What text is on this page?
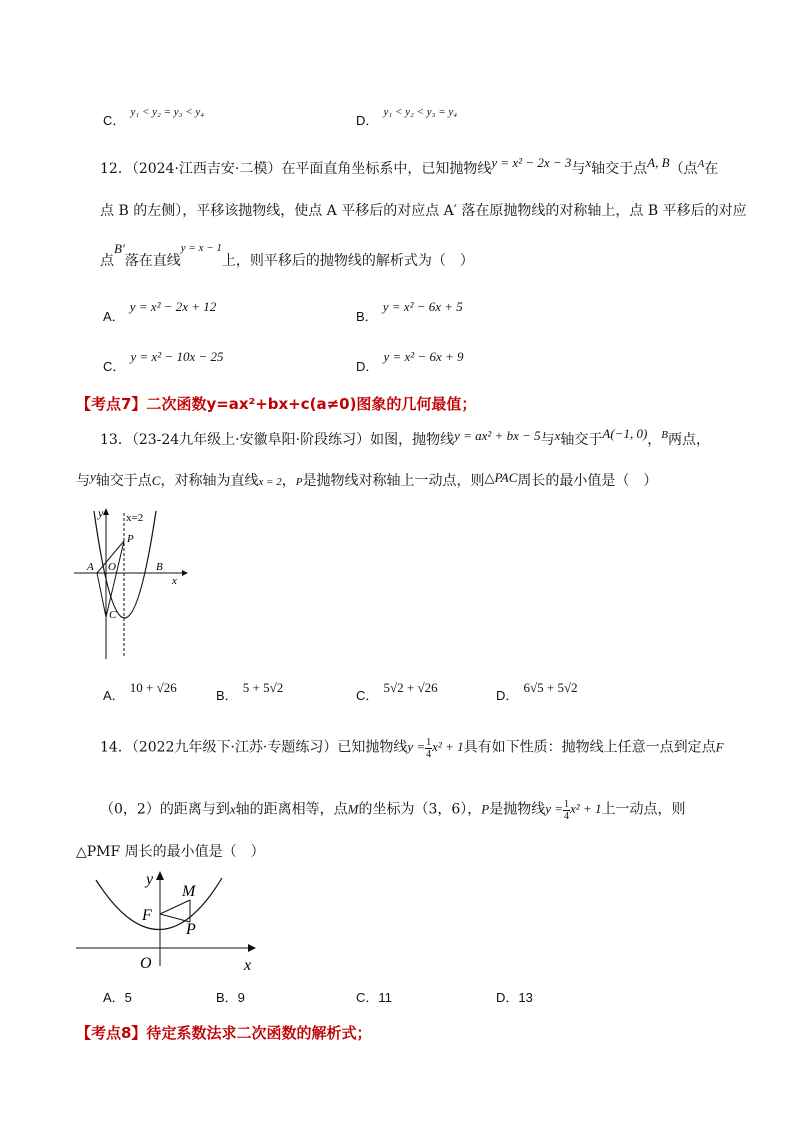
$_{C.}$ y₁ < y₂ = y₃ < y₄
$_{D.}$ y₁ < y₂ < y₃ = y₄
12．（2024·江西吉安·二模）在平面直角坐标系中，已知抛物线y = x² − 2x − 3与x轴交于点A, B（点$^A$在
点 B 的左侧），平移该抛物线，使点 A 平移后的对应点 A′ 落在原抛物线的对称轴上，点 B 平移后的对应
点B′落在直线$^{y = x - 1}$上，则平移后的抛物线的解析式为（　）
$_{A.}$ y = x² − 2x + 12
$_{B.}$ y = x² − 6x + 5
$_{C.}$ y = x² − 10x − 25
$_{D.}$ y = x² − 6x + 9
【考点7】二次函数y=ax²+bx+c(a≠0)图象的几何最值；
13．（23-24九年级上·安徽阜阳·阶段练习）如图，抛物线y = ax² + bx − 5与x轴交于A(−1, 0)，$^B$两点，
与y轴交于点C，对称轴为直线x = 2，P是抛物线对称轴上一动点，则△PAC周长的最小值是（　）
y x=2
P
A O	B
x
C
$_{A.}$ 10 + √26
$_{B.}$ 5 + 5√2
$_{C.}$ 5√2 + √26
$_{D.}$ 6√5 + 5√2
14．（2022九年级下·江苏·专题练习）已知抛物线$y = \frac{1}{4} x^2 + 1$具有如下性质：抛物线上任意一点到定点F
（0，2）的距离与到x轴的距离相等，点M的坐标为（3，6），P是抛物线$y = \frac{1}{4} x^2 + 1$上一动点，则
△PMF 周长的最小值是（　）
y
M
F
P
O	x
A．5	B．9	C．11	D．13
【考点8】待定系数法求二次函数的解析式；
